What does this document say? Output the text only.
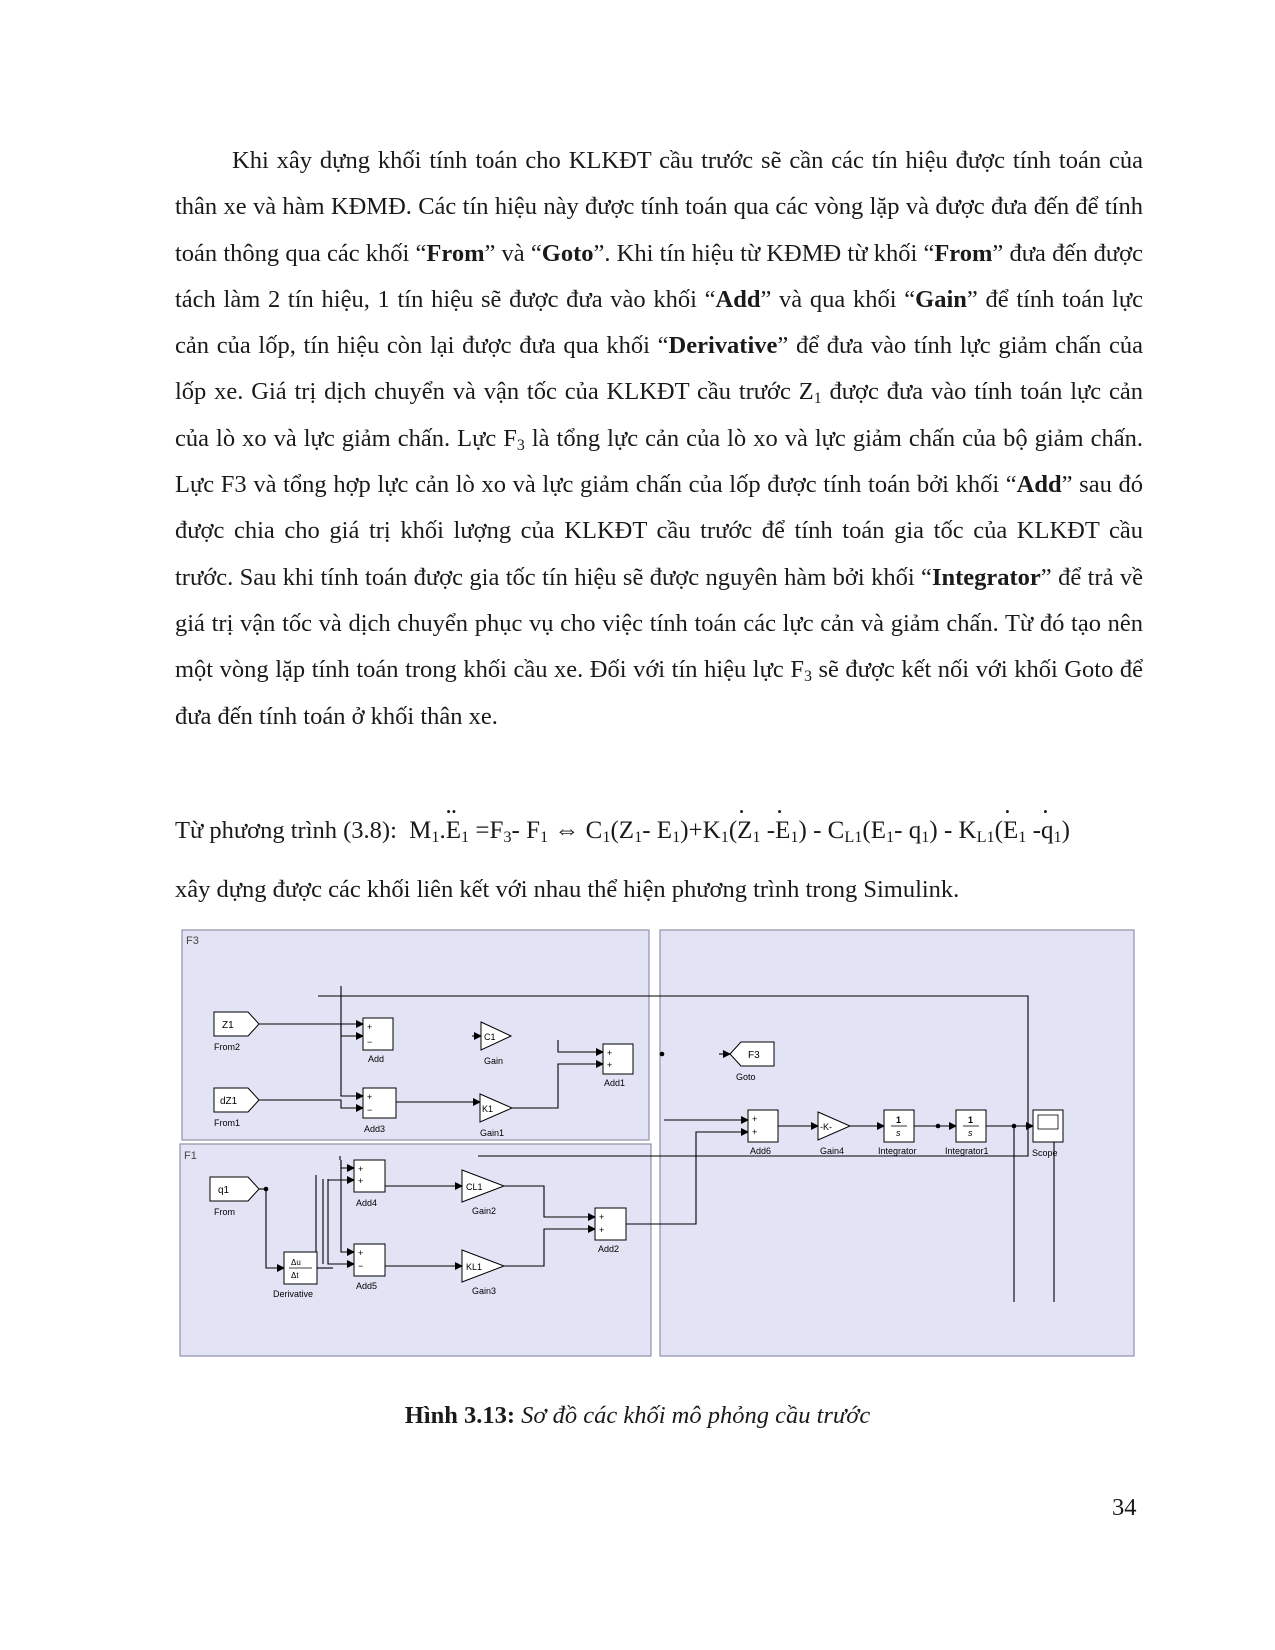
Khi xây dựng khối tính toán cho KLKĐT cầu trước sẽ cần các tín hiệu được tính toán của thân xe và hàm KĐMĐ. Các tín hiệu này được tính toán qua các vòng lặp và được đưa đến để tính toán thông qua các khối “From” và “Goto”. Khi tín hiệu từ KĐMĐ từ khối “From” đưa đến được tách làm 2 tín hiệu, 1 tín hiệu sẽ được đưa vào khối “Add” và qua khối “Gain” để tính toán lực cản của lốp, tín hiệu còn lại được đưa qua khối “Derivative” để đưa vào tính lực giảm chấn của lốp xe. Giá trị dịch chuyển và vận tốc của KLKĐT cầu trước $Z_1$ được đưa vào tính toán lực cản của lò xo và lực giảm chấn. Lực $F_3$ là tổng lực cản của lò xo và lực giảm chấn của bộ giảm chấn. Lực F3 và tổng hợp lực cản lò xo và lực giảm chấn của lốp được tính toán bởi khối “Add” sau đó được chia cho giá trị khối lượng của KLKĐT cầu trước để tính toán gia tốc của KLKĐT cầu trước. Sau khi tính toán được gia tốc tín hiệu sẽ được nguyên hàm bởi khối “Integrator” để trả về giá trị vận tốc và dịch chuyển phục vụ cho việc tính toán các lực cản và giảm chấn. Từ đó tạo nên một vòng lặp tính toán trong khối cầu xe. Đối với tín hiệu lực $F_3$ sẽ được kết nối với khối Goto để đưa đến tính toán ở khối thân xe.

Từ phương trình (3.8): $M_1.••$ $E_1 =F_3-$ $F_1$ ⇔ $C_1(Z_1-$ $E_1)+K_1(•$ $Z_1$ -• $E_1) - C_{L1}(E_1-$ $q_1$) - $K_{L1}(•$ $E_1$ -• $q_1$)
xây dựng được các khối liên kết với nhau thể hiện phương trình trong Simulink.
F3
F1
Z1
From2
dZ1
From1
q1
From
F3
Goto
+
−
Add
+
−
Add3
+
+
Add1
+
+
Add4
+
−
Add5
+
+
Add2
+
+
Add6
C1
Gain
K1
Gain1
CL1
Gain2
KL1
Gain3
-K-
Gain4
1
s
Integrator
1
s
Integrator1
Δu
Δt
Derivative
Scope
Hình 3.13: Sơ đồ các khối mô phỏng cầu trước
34
